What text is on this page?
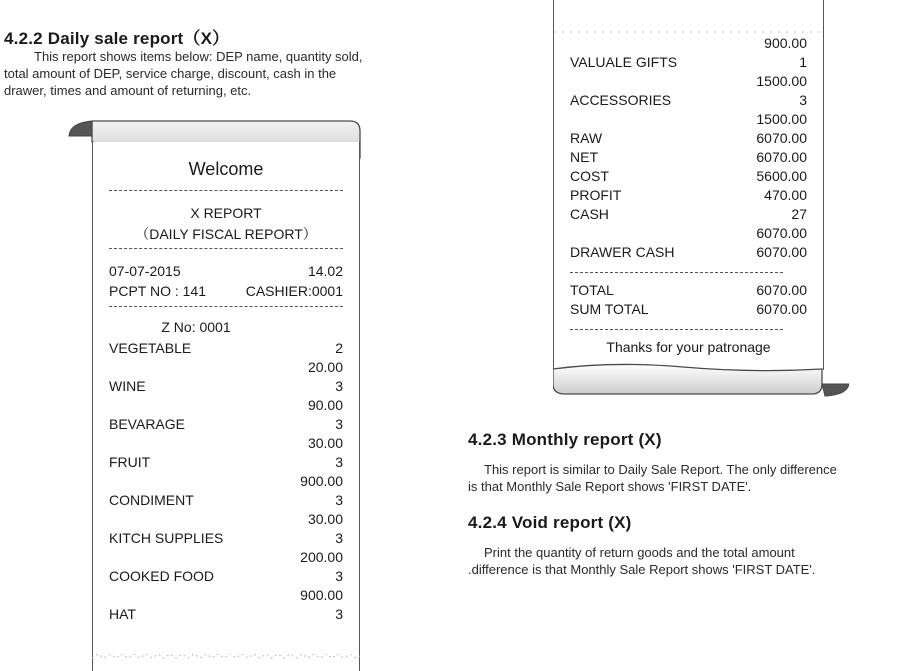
4.2.2 Daily sale report（X）
This report shows items below: DEP name, quantity sold,
total amount of DEP, service charge, discount, cash in the
drawer, times and amount of returning, etc.
Welcome
X REPORT
（DAILY FISCAL REPORT）
07-07-2015	14.02
PCPT NO : 141	CASHIER:0001
Z No: 0001
VEGETABLE	2
20.00
WINE	3
90.00
BEVARAGE	3
30.00
FRUIT	3
900.00
CONDIMENT	3
30.00
KITCH SUPPLIES	3
200.00
COOKED FOOD	3
900.00
HAT	3
900.00
VALUALE GIFTS	1
1500.00
ACCESSORIES	3
1500.00
RAW	6070.00
NET	6070.00
COST	5600.00
PROFIT	470.00
CASH	27
6070.00
DRAWER CASH	6070.00
TOTAL	6070.00
SUM TOTAL	6070.00
Thanks for your patronage
4.2.3 Monthly report (X)
This report is similar to Daily Sale Report. The only difference
is that Monthly Sale Report shows 'FIRST DATE'.
4.2.4 Void report (X)
Print the quantity of return goods and the total amount
.difference is that Monthly Sale Report shows 'FIRST DATE'.
